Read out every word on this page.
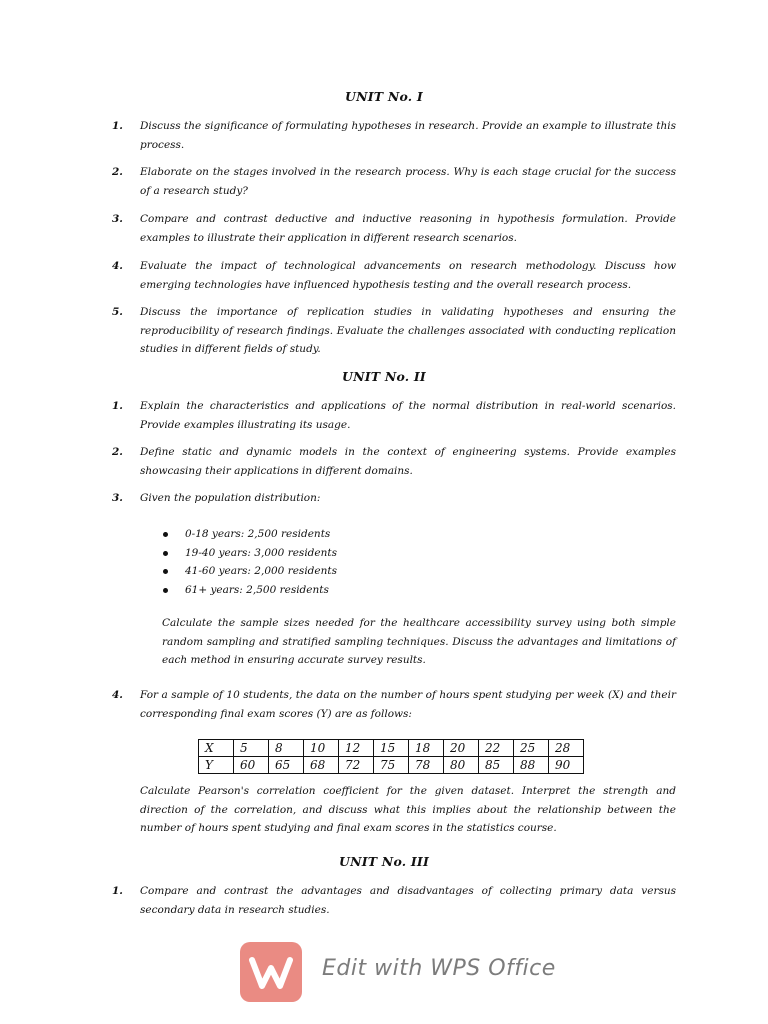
UNIT No. I
1. Discuss the significance of formulating hypotheses in research. Provide an example to illustrate this process.
2. Elaborate on the stages involved in the research process. Why is each stage crucial for the success of a research study?
3. Compare and contrast deductive and inductive reasoning in hypothesis formulation. Provide examples to illustrate their application in different research scenarios.
4. Evaluate the impact of technological advancements on research methodology. Discuss how emerging technologies have influenced hypothesis testing and the overall research process.
5. Discuss the importance of replication studies in validating hypotheses and ensuring the reproducibility of research findings. Evaluate the challenges associated with conducting replication studies in different fields of study.
UNIT No. II
1. Explain the characteristics and applications of the normal distribution in real-world scenarios. Provide examples illustrating its usage.
2. Define static and dynamic models in the context of engineering systems. Provide examples showcasing their applications in different domains.
3. Given the population distribution:
0-18 years: 2,500 residents
19-40 years: 3,000 residents
41-60 years: 2,000 residents
61+ years: 2,500 residents
Calculate the sample sizes needed for the healthcare accessibility survey using both simple random sampling and stratified sampling techniques. Discuss the advantages and limitations of each method in ensuring accurate survey results.
4. For a sample of 10 students, the data on the number of hours spent studying per week (X) and their corresponding final exam scores (Y) are as follows:
X	5	8	10	12	15	18	20	22	25	28
Y	60	65	68	72	75	78	80	85	88	90
Calculate Pearson's correlation coefficient for the given dataset. Interpret the strength and direction of the correlation, and discuss what this implies about the relationship between the number of hours spent studying and final exam scores in the statistics course.
UNIT No. III
1. Compare and contrast the advantages and disadvantages of collecting primary data versus secondary data in research studies.
Edit with WPS Office
